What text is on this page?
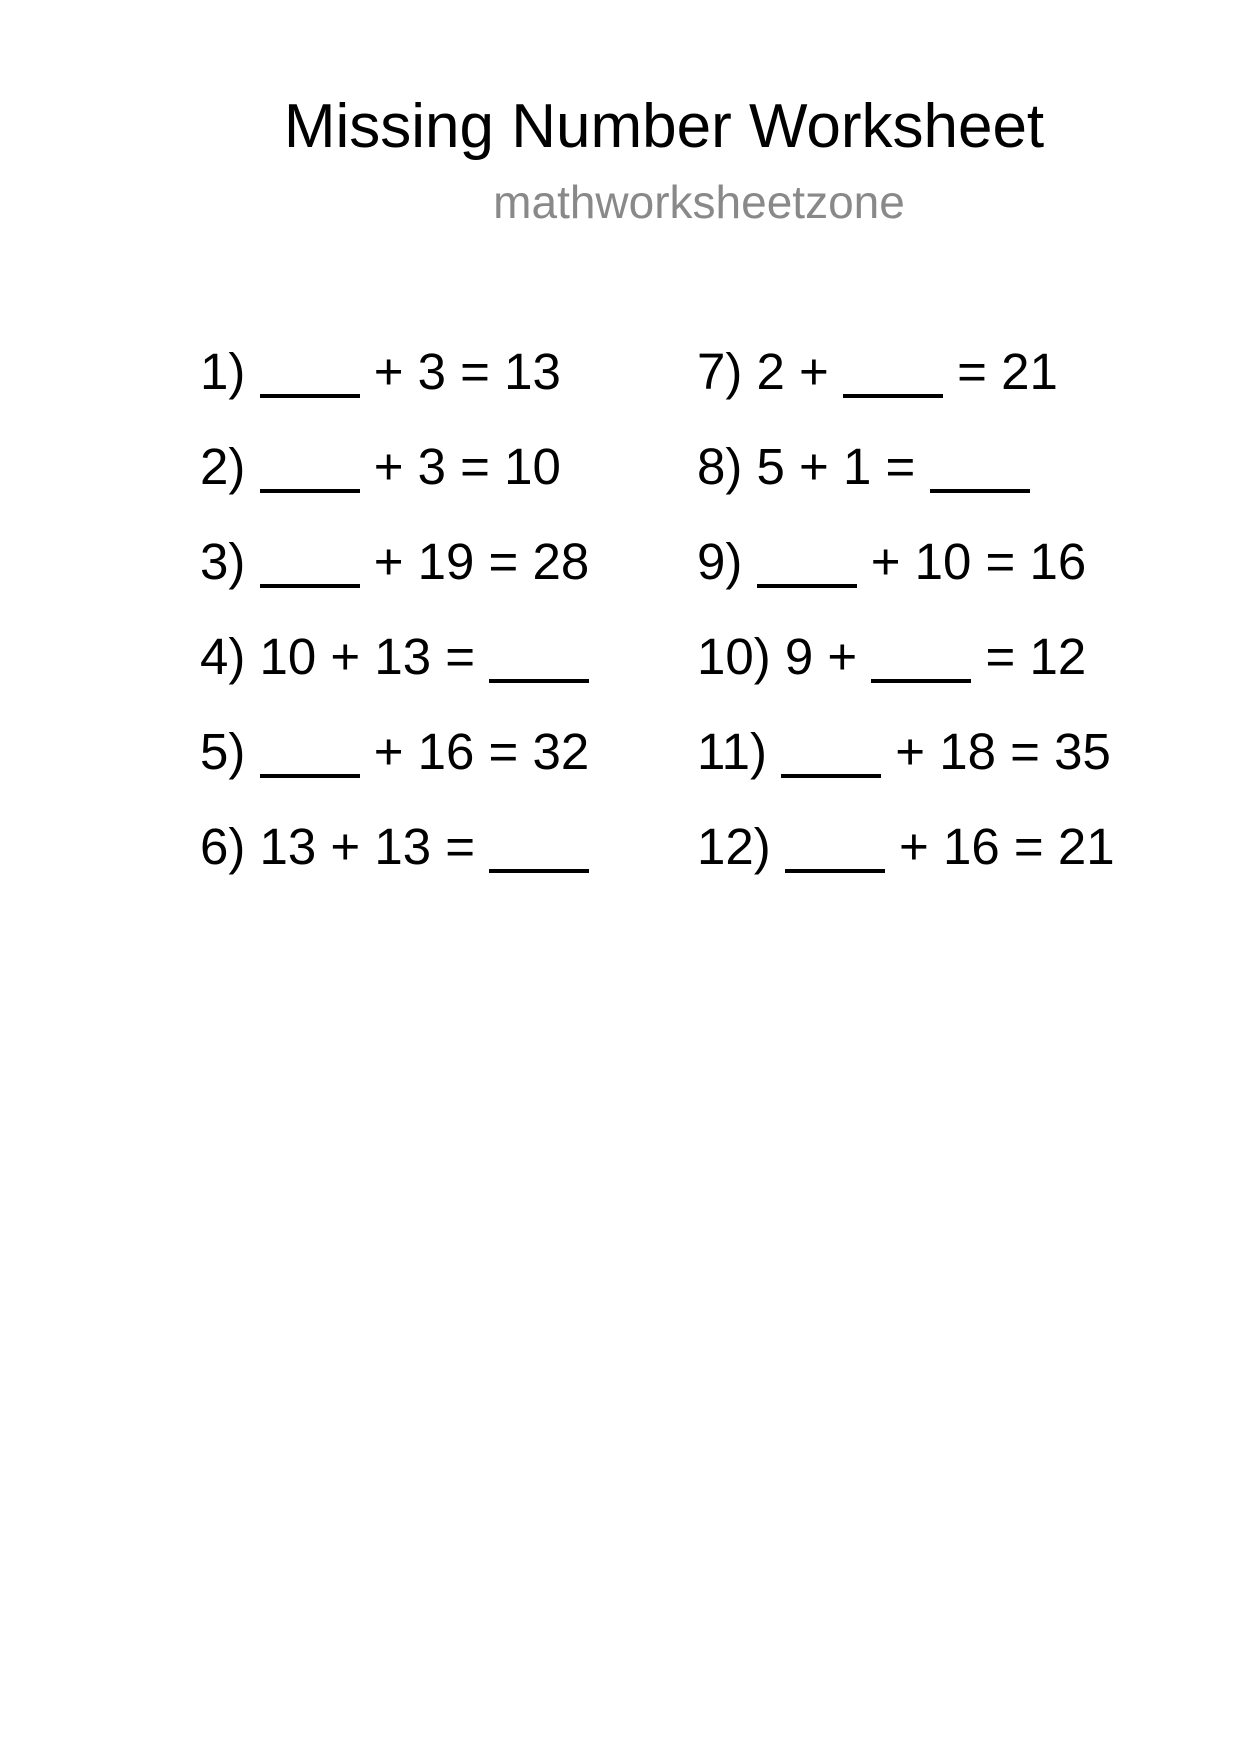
Missing Number Worksheet
mathworksheetzone
1)  + 3 = 13
2)  + 3 = 10
3)  + 19 = 28
4) 10 + 13 =
5)  + 16 = 32
6) 13 + 13 =
7) 2 +  = 21
8) 5 + 1 =
9)  + 10 = 16
10) 9 +  = 12
11)  + 18 = 35
12)  + 16 = 21
